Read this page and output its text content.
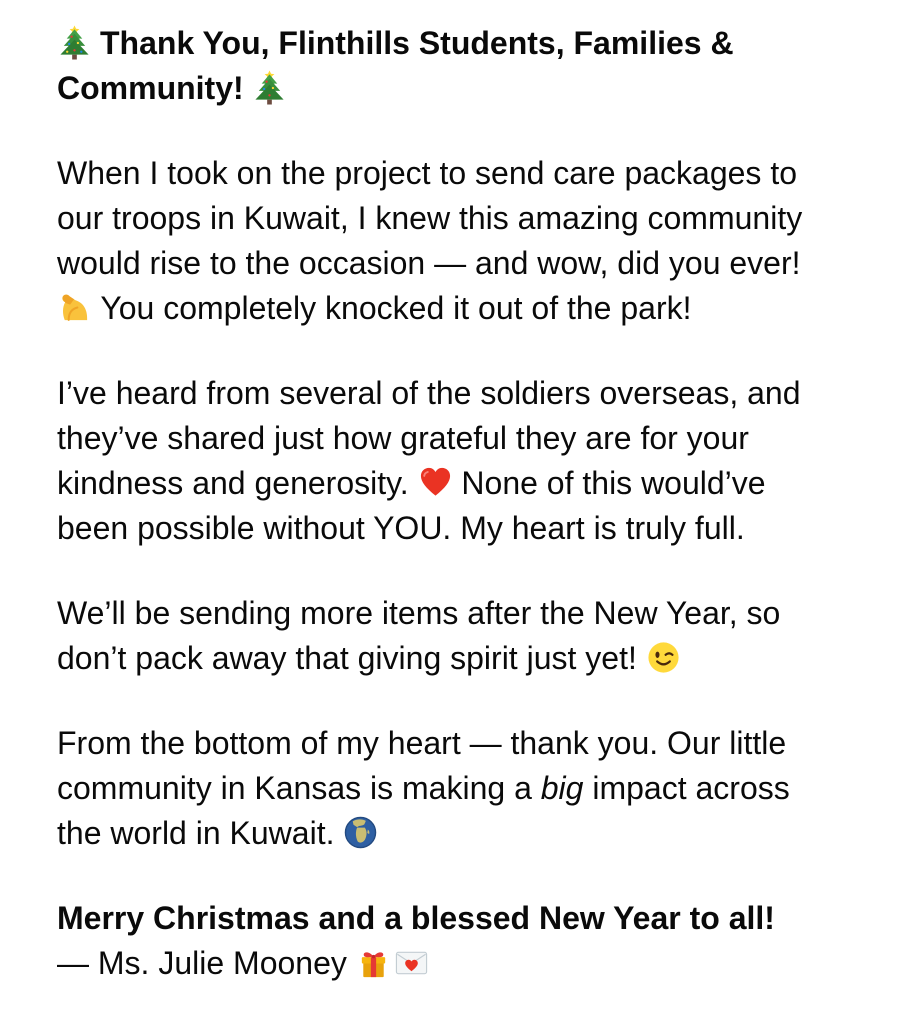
Thank You, Flinthills Students, Families & Community!

When I took on the project to send care packages to our troops in Kuwait, I knew this amazing community would rise to the occasion — and wow, did you ever!
You completely knocked it out of the park!

I’ve heard from several of the soldiers overseas, and they’ve shared just how grateful they are for your kindness and generosity.
None of this would’ve been possible without YOU. My heart is truly full.

We’ll be sending more items after the New Year, so don’t pack away that giving spirit just yet!

From the bottom of my heart — thank you. Our little community in Kansas is making a big impact across the world in Kuwait.

Merry Christmas and a blessed New Year to all!
— Ms. Julie Mooney
